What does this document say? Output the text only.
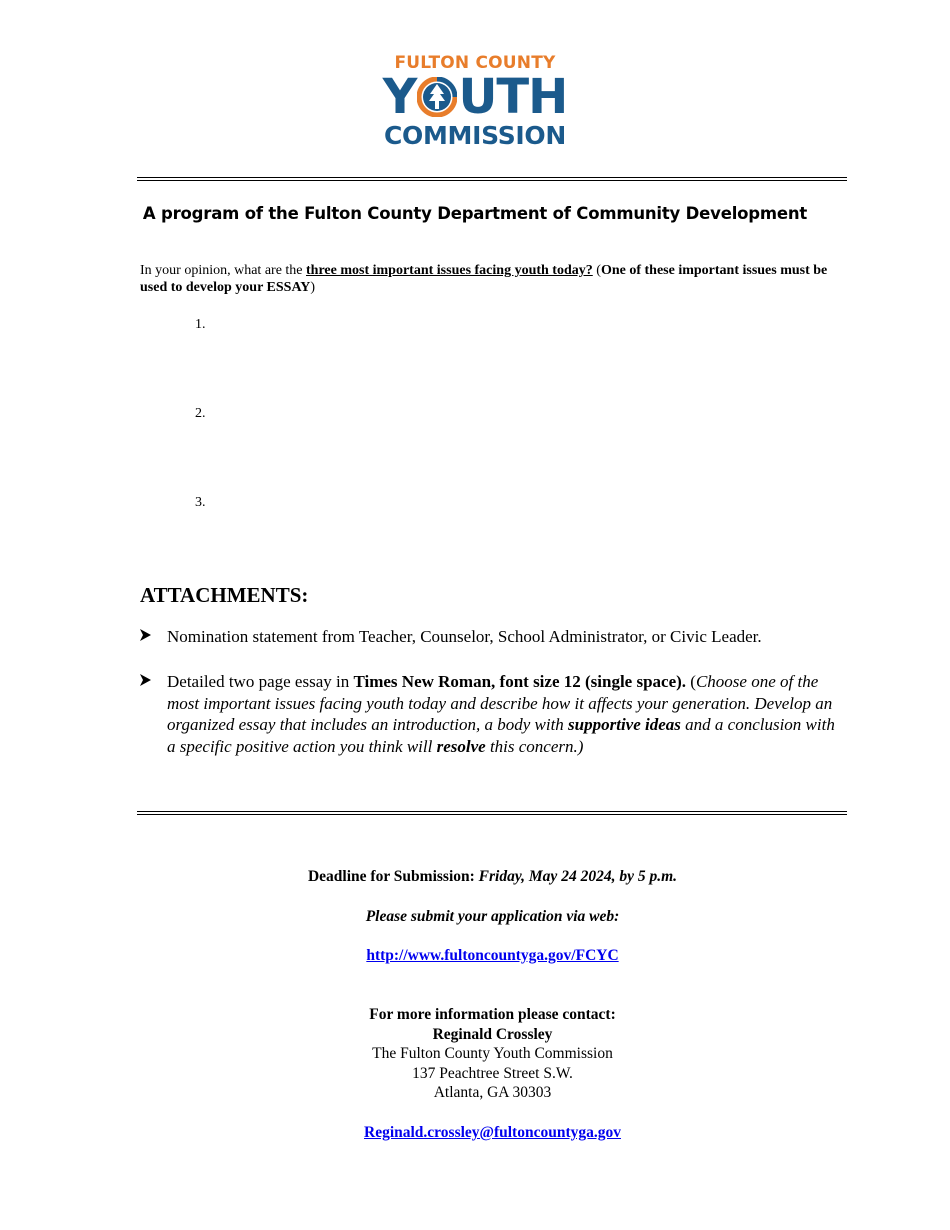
FULTON COUNTY
Y UTH
COMMISSION
A program of the Fulton County Department of Community Development
In your opinion, what are the three most important issues facing youth today? (One of these important issues must be used to develop your ESSAY)
1.
2.
3.
ATTACHMENTS:
Nomination statement from Teacher, Counselor, School Administrator, or Civic Leader.
Detailed two page essay in Times New Roman, font size 12 (single space). (Choose one of the most important issues facing youth today and describe how it affects your generation. Develop an organized essay that includes an introduction, a body with supportive ideas and a conclusion with a specific positive action you think will resolve this concern.)
Deadline for Submission: Friday, May 24 2024, by 5 p.m.
Please submit your application via web:
http://www.fultoncountyga.gov/FCYC
For more information please contact:
Reginald Crossley
The Fulton County Youth Commission
137 Peachtree Street S.W.
Atlanta, GA 30303
Reginald.crossley@fultoncountyga.gov
